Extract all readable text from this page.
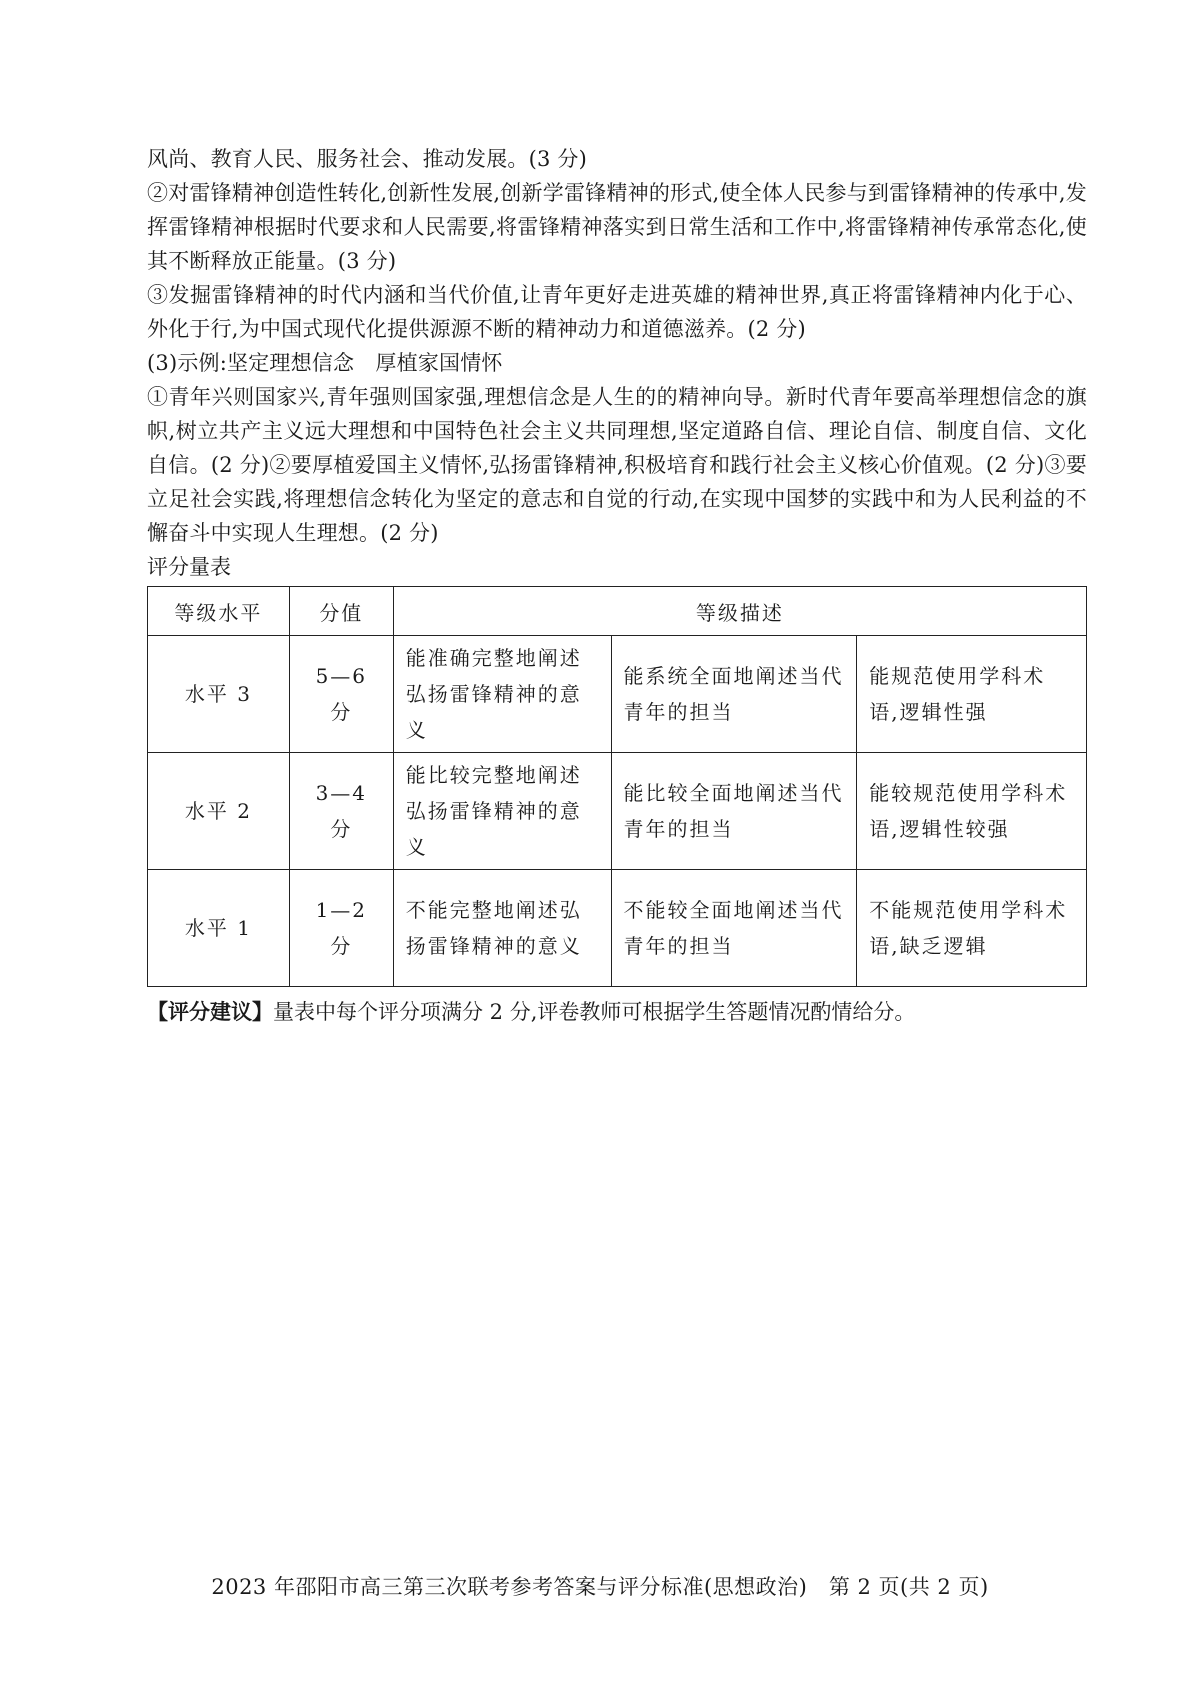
风尚、教育人民、服务社会、推动发展。(3 分)

②对雷锋精神创造性转化,创新性发展,创新学雷锋精神的形式,使全体人民参与到雷锋精神的传承中,发挥雷锋精神根据时代要求和人民需要,将雷锋精神落实到日常生活和工作中,将雷锋精神传承常态化,使其不断释放正能量。(3 分)

③发掘雷锋精神的时代内涵和当代价值,让青年更好走进英雄的精神世界,真正将雷锋精神内化于心、外化于行,为中国式现代化提供源源不断的精神动力和道德滋养。(2 分)

(3)示例:坚定理想信念　厚植家国情怀

①青年兴则国家兴,青年强则国家强,理想信念是人生的的精神向导。新时代青年要高举理想信念的旗帜,树立共产主义远大理想和中国特色社会主义共同理想,坚定道路自信、理论自信、制度自信、文化自信。(2 分)②要厚植爱国主义情怀,弘扬雷锋精神,积极培育和践行社会主义核心价值观。(2 分)③要立足社会实践,将理想信念转化为坚定的意志和自觉的行动,在实现中国梦的实践中和为人民利益的不懈奋斗中实现人生理想。(2 分)

评分量表

等级水平	分值	等级描述		
水平 3	5—6 分	能准确完整地阐述弘扬雷锋精神的意义	能系统全面地阐述当代青年的担当	能规范使用学科术语,逻辑性强
水平 2	3—4 分	能比较完整地阐述弘扬雷锋精神的意义	能比较全面地阐述当代青年的担当	能较规范使用学科术语,逻辑性较强
水平 1	1—2 分	不能完整地阐述弘扬雷锋精神的意义	不能较全面地阐述当代青年的担当	不能规范使用学科术语,缺乏逻辑
【评分建议】量表中每个评分项满分 2 分,评卷教师可根据学生答题情况酌情给分。
2023 年邵阳市高三第三次联考参考答案与评分标准(思想政治)　第 2 页(共 2 页)
